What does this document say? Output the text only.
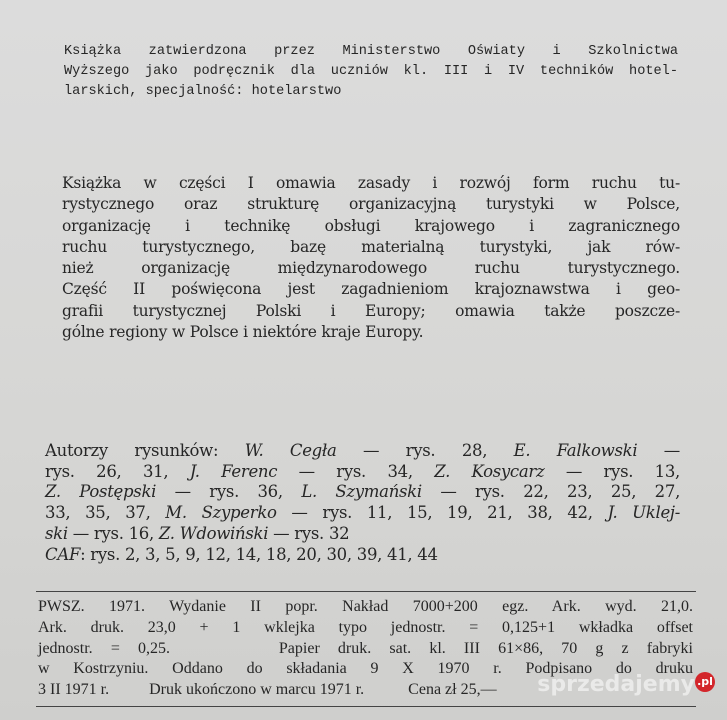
Książka zatwierdzona przez Ministerstwo Oświaty i Szkolnictwa
Wyższego jako podręcznik dla uczniów kl. III i IV techników hotel-
larskich, specjalność: hotelarstwo
Książka w części I omawia zasady i rozwój form ruchu tu-
rystycznego oraz strukturę organizacyjną turystyki w Polsce,
organizację i technikę obsługi krajowego i zagranicznego
ruchu turystycznego, bazę materialną turystyki, jak rów-
nież organizację międzynarodowego ruchu turystycznego.
Część II poświęcona jest zagadnieniom krajoznawstwa i geo-
grafii turystycznej Polski i Europy; omawia także poszcze-
gólne regiony w Polsce i niektóre kraje Europy.
Autorzy rysunków: W. Cegła — rys. 28, E. Falkowski —
rys. 26, 31, J. Ferenc — rys. 34, Z. Kosycarz — rys. 13,
Z. Postępski — rys. 36, L. Szymański — rys. 22, 23, 25, 27,
33, 35, 37, M. Szyperko — rys. 11, 15, 19, 21, 38, 42, J. Uklej-
ski — rys. 16, Z. Wdowiński — rys. 32
CAF: rys. 2, 3, 5, 9, 12, 14, 18, 20, 30, 39, 41, 44
PWSZ. 1971. Wydanie II popr. Nakład 7000+200 egz. Ark. wyd. 21,0.
Ark. druk. 23,0 + 1 wklejka typo jednostr. = 0,125+1 wkładka offset
jednostr. = 0,25.      Papier druk. sat. kl. III 61×86, 70 g z fabryki
w Kostrzyniu. Oddano do składania 9 X 1970 r. Podpisano do druku
3 II 1971 r.          Druk ukończono w marcu 1971 r.           Cena zł 25,—	sprzedajemy .pl
